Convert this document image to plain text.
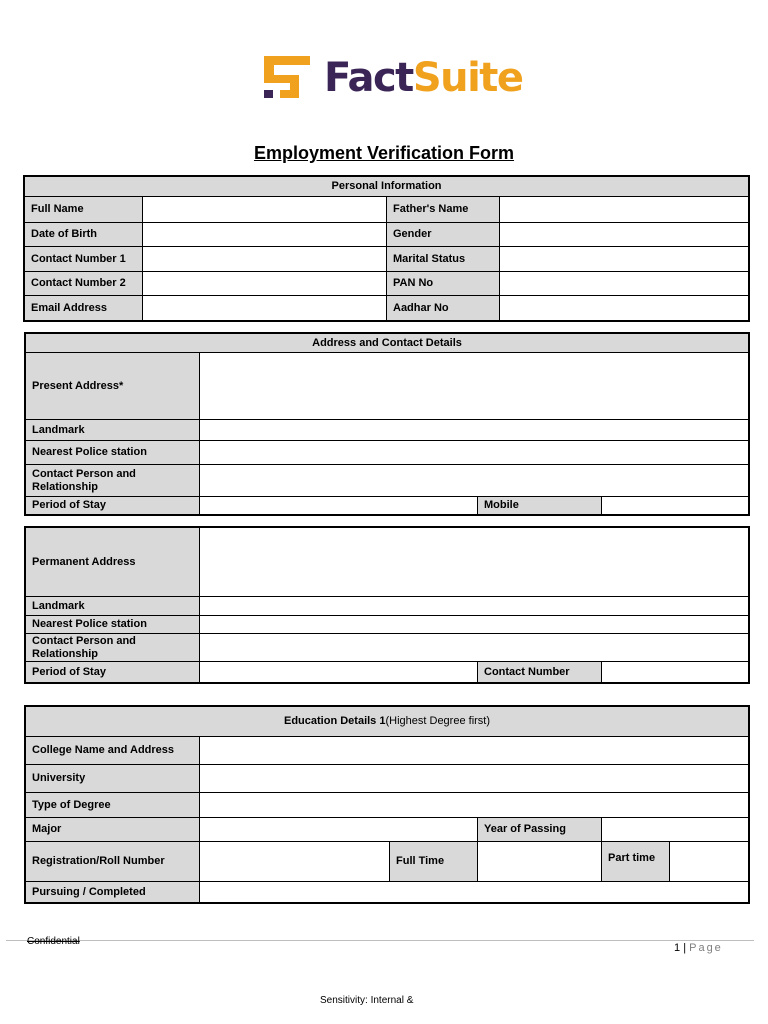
FactSuite
Employment Verification Form
Personal Information			
Full Name		Father's Name	
Date of Birth		Gender	
Contact Number 1		Marital Status	
Contact Number 2		PAN No	
Email Address		Aadhar No	
Address and Contact Details			
Present Address*			
Landmark			
Nearest Police station			
Contact Person and Relationship			
Period of Stay		Mobile	
Permanent Address			
Landmark			
Nearest Police station			
Contact Person and Relationship			
Period of Stay		Contact Number	
Education Details 1(Highest Degree first)					
College Name and Address					
University					
Type of Degree					
Major			Year of Passing		
Registration/Roll Number		Full Time		Part time	
Pursuing / Completed					
Confidential
1 | Page
Sensitivity: Internal &
